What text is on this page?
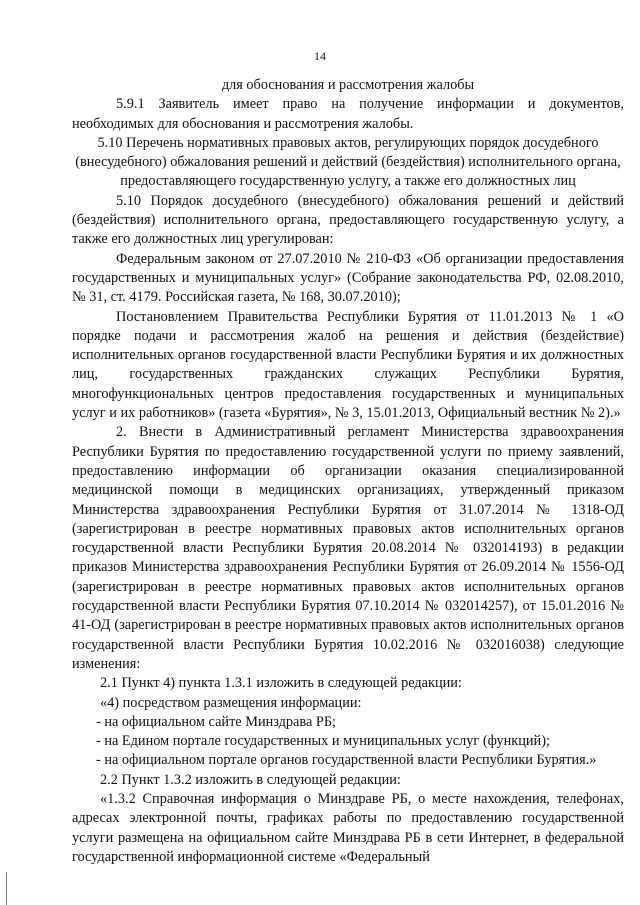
14

для обоснования и рассмотрения жалобы

5.9.1 Заявитель имеет право на получение информации и документов, необходимых для обоснования и рассмотрения жалобы.

5.10 Перечень нормативных правовых актов, регулирующих порядок досудебного (внесудебного) обжалования решений и действий (бездействия) исполнительного органа, предоставляющего государственную услугу, а также его должностных лиц

5.10 Порядок досудебного (внесудебного) обжалования решений и действий (бездействия) исполнительного органа, предоставляющего государственную услугу, а также его должностных лиц урегулирован:

Федеральным законом от 27.07.2010 № 210-ФЗ «Об организации предоставления государственных и муниципальных услуг» (Собрание законодательства РФ, 02.08.2010, № 31, ст. 4179. Российская газета, № 168, 30.07.2010);

Постановлением Правительства Республики Бурятия от 11.01.2013 № 1 «О порядке подачи и рассмотрения жалоб на решения и действия (бездействие) исполнительных органов государственной власти Республики Бурятия и их должностных лиц, государственных гражданских служащих Республики Бурятия, многофункциональных центров предоставления государственных и муниципальных услуг и их работников» (газета «Бурятия», № 3, 15.01.2013, Официальный вестник № 2).»

2. Внести в Административный регламент Министерства здравоохранения Республики Бурятия по предоставлению государственной услуги по приему заявлений, предоставлению информации об организации оказания специализированной медицинской помощи в медицинских организациях, утвержденный приказом Министерства здравоохранения Республики Бурятия от 31.07.2014 № 1318-ОД (зарегистрирован в реестре нормативных правовых актов исполнительных органов государственной власти Республики Бурятия 20.08.2014 № 032014193) в редакции приказов Министерства здравоохранения Республики Бурятия от 26.09.2014 № 1556-ОД (зарегистрирован в реестре нормативных правовых актов исполнительных органов государственной власти Республики Бурятия 07.10.2014 № 032014257), от 15.01.2016 № 41-ОД (зарегистрирован в реестре нормативных правовых актов исполнительных органов государственной власти Республики Бурятия 10.02.2016 № 032016038) следующие изменения:

2.1 Пункт 4) пункта 1.3.1 изложить в следующей редакции:

«4) посредством размещения информации:

- на официальном сайте Минздрава РБ;

- на Едином портале государственных и муниципальных услуг (функций);

- на официальном портале органов государственной власти Республики Бурятия.»

2.2 Пункт 1.3.2 изложить в следующей редакции:

«1.3.2 Справочная информация о Минздраве РБ, о месте нахождения, телефонах, адресах электронной почты, графиках работы по предоставлению государственной услуги размещена на официальном сайте Минздрава РБ в сети Интернет, в федеральной государственной информационной системе «Федеральный
